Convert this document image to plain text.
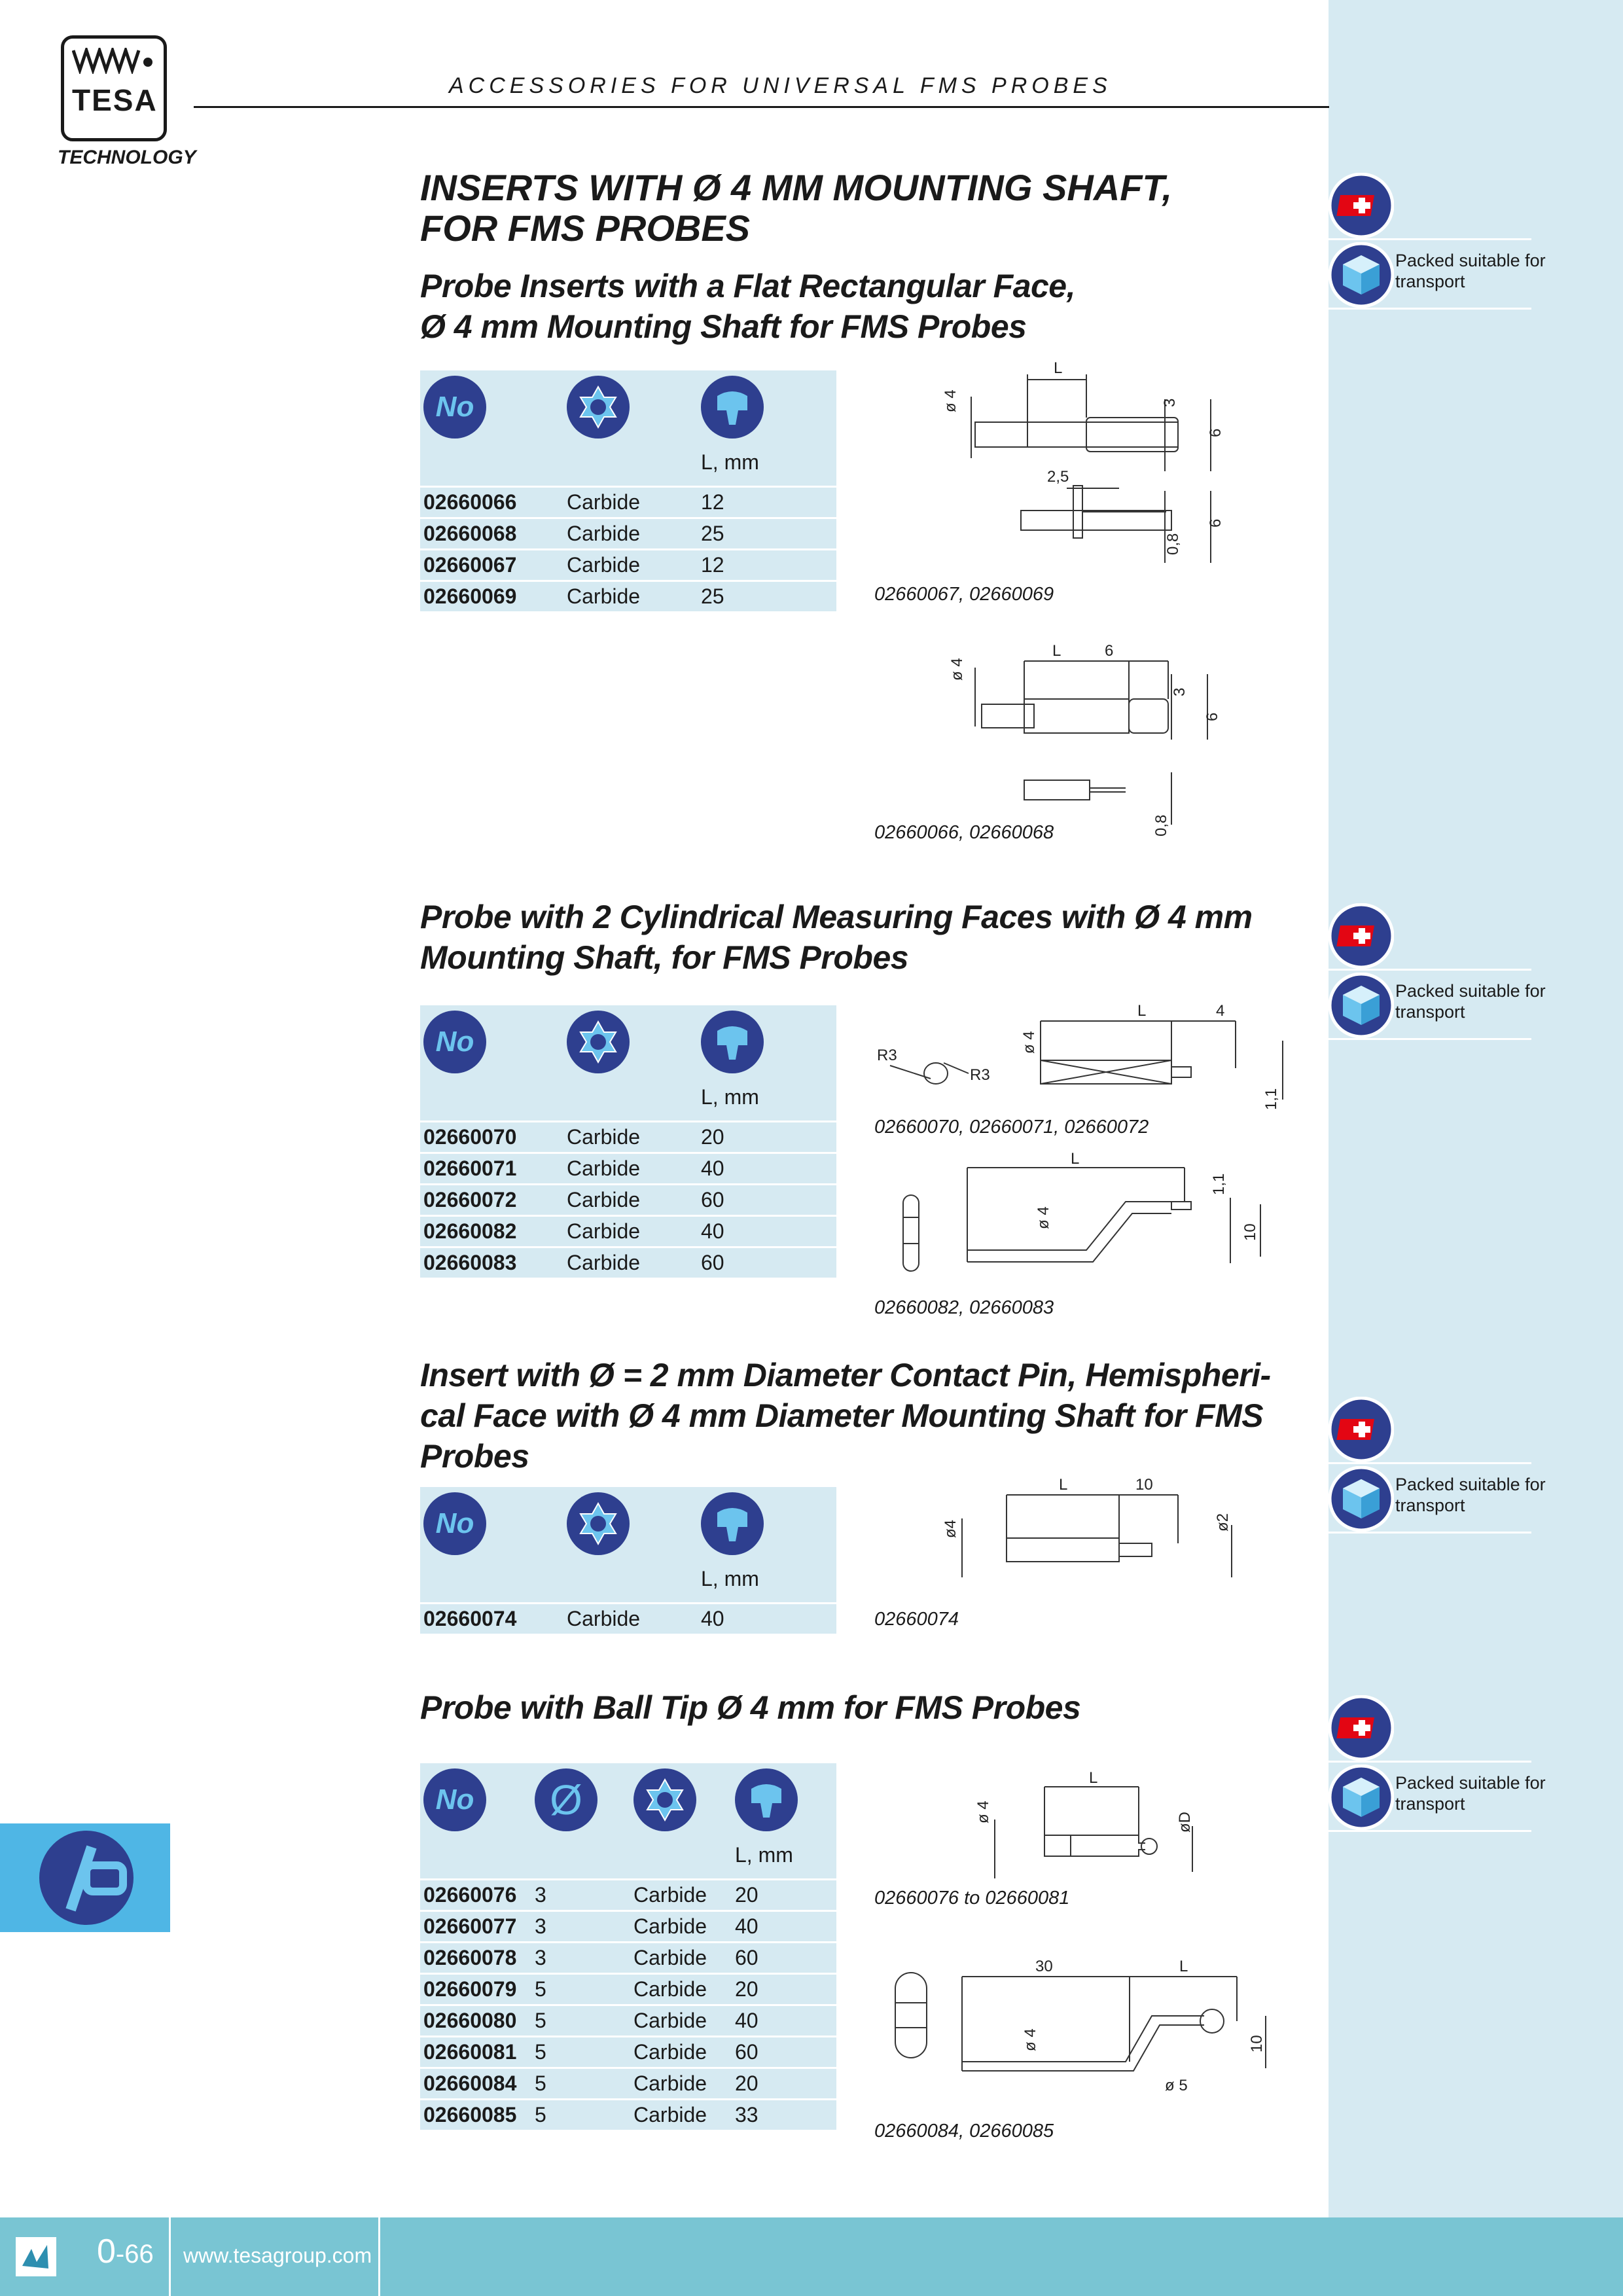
0-66 www.tesagroup.com
TESA
TECHNOLOGY
ACCESSORIES FOR UNIVERSAL FMS PROBES
INSERTS WITH Ø 4 MM MOUNTING SHAFT,
FOR FMS PROBES
Probe Inserts with a Flat Rectangular Face,
Ø 4 mm Mounting Shaft for FMS Probes
No		L, mm

02660066	Carbide	12
02660068	Carbide	25
02660067	Carbide	12
02660069	Carbide	25
L
ø 4	3
6
2,5
0,8
6
02660067, 02660069
L	6
ø 4
3
6
0,8
02660066, 02660068
Probe with 2 Cylindrical Measuring Faces with Ø 4 mm
Mounting Shaft, for FMS Probes
No		L, mm

02660070	Carbide	20
02660071	Carbide	40
02660072	Carbide	60
02660082	Carbide	40
02660083	Carbide	60
R3
R3
L	4
ø 4
1,1
02660070, 02660071, 02660072
L
ø 4
1,1
10
02660082, 02660083
Insert with Ø = 2 mm Diameter Contact Pin, Hemispheri-
cal Face with Ø 4 mm Diameter Mounting Shaft for FMS
Probes
No		L, mm

02660074	Carbide	40
L	10
ø4	ø2
02660074
Probe with Ball Tip Ø 4 mm for FMS Probes
No	Ø		L, mm

02660076	3	Carbide	20
02660077	3	Carbide	40
02660078	3	Carbide	60
02660079	5	Carbide	20
02660080	5	Carbide	40
02660081	5	Carbide	60
02660084	5	Carbide	20
02660085	5	Carbide	33
L
ø 4	øD
02660076 to 02660081
30	L
ø 4	10
ø 5
02660084, 02660085
Packed suitable for
transport
Packed suitable for
transport
Packed suitable for
transport
Packed suitable for
transport
